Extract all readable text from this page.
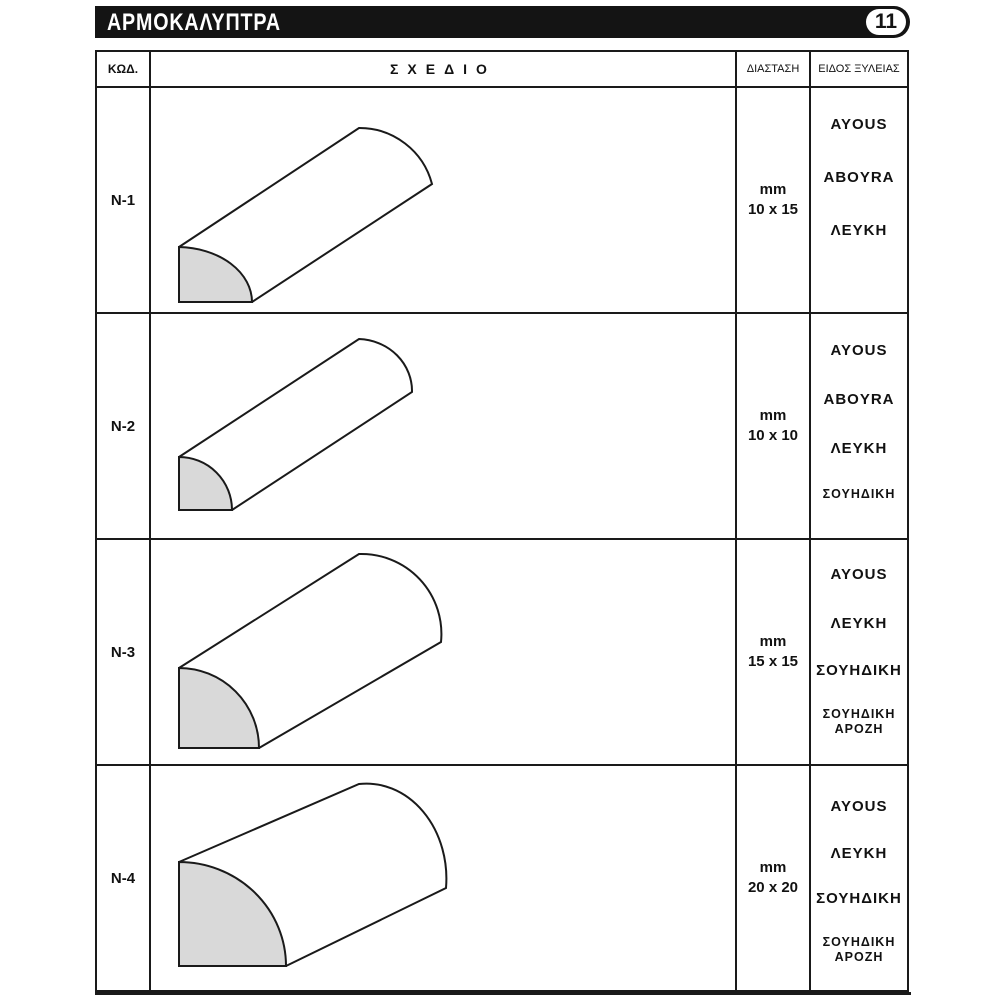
ΑΡΜΟΚΑΛΥΠΤΡΑ	11
ΚΩΔ.	ΣΧΕΔΙΟ	ΔΙΑΣΤΑΣΗ	ΕΙΔΟΣ ΞΥΛΕΙΑΣ
Ν-1		mm
10 x 15	AYOUS
ABOYRA
ΛΕΥΚΗ

Ν-2		mm
10 x 10	AYOUS
ABOYRA
ΛΕΥΚΗ
ΣΟΥΗΔΙΚΗ

Ν-3		mm
15 x 15	AYOUS
ΛΕΥΚΗ
ΣΟΥΗΔΙΚΗ
ΣΟΥΗΔΙΚΗ
ΑΡΟΖΗ

Ν-4		mm
20 x 20	AYOUS
ΛΕΥΚΗ
ΣΟΥΗΔΙΚΗ
ΣΟΥΗΔΙΚΗ
ΑΡΟΖΗ
